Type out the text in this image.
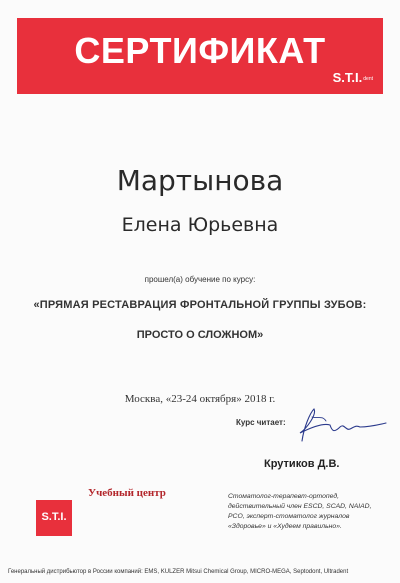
СЕРТИФИКАТ
S.T.I.dent
Мартынова
Елена Юрьевна
прошел(а) обучение по курсу:
«ПРЯМАЯ РЕСТАВРАЦИЯ ФРОНТАЛЬНОЙ ГРУППЫ ЗУБОВ:
ПРОСТО О СЛОЖНОМ»
Москва, «23-24 октября» 2018 г.
Курс читает:
Крутиков Д.В.
S.T.I.
Учебный центр	Стоматолог-терапевт-ортопед,
действительный член ESCD, SCAD, NAIAD,
PCO, эксперт-стоматолог журналов
«Здоровье» и «Худеем правильно».
Генеральный дистрибьютор в России компаний: EMS, KULZER Mitsui Chemical Group, MICRO-MEGA, Septodont, Ultradent
